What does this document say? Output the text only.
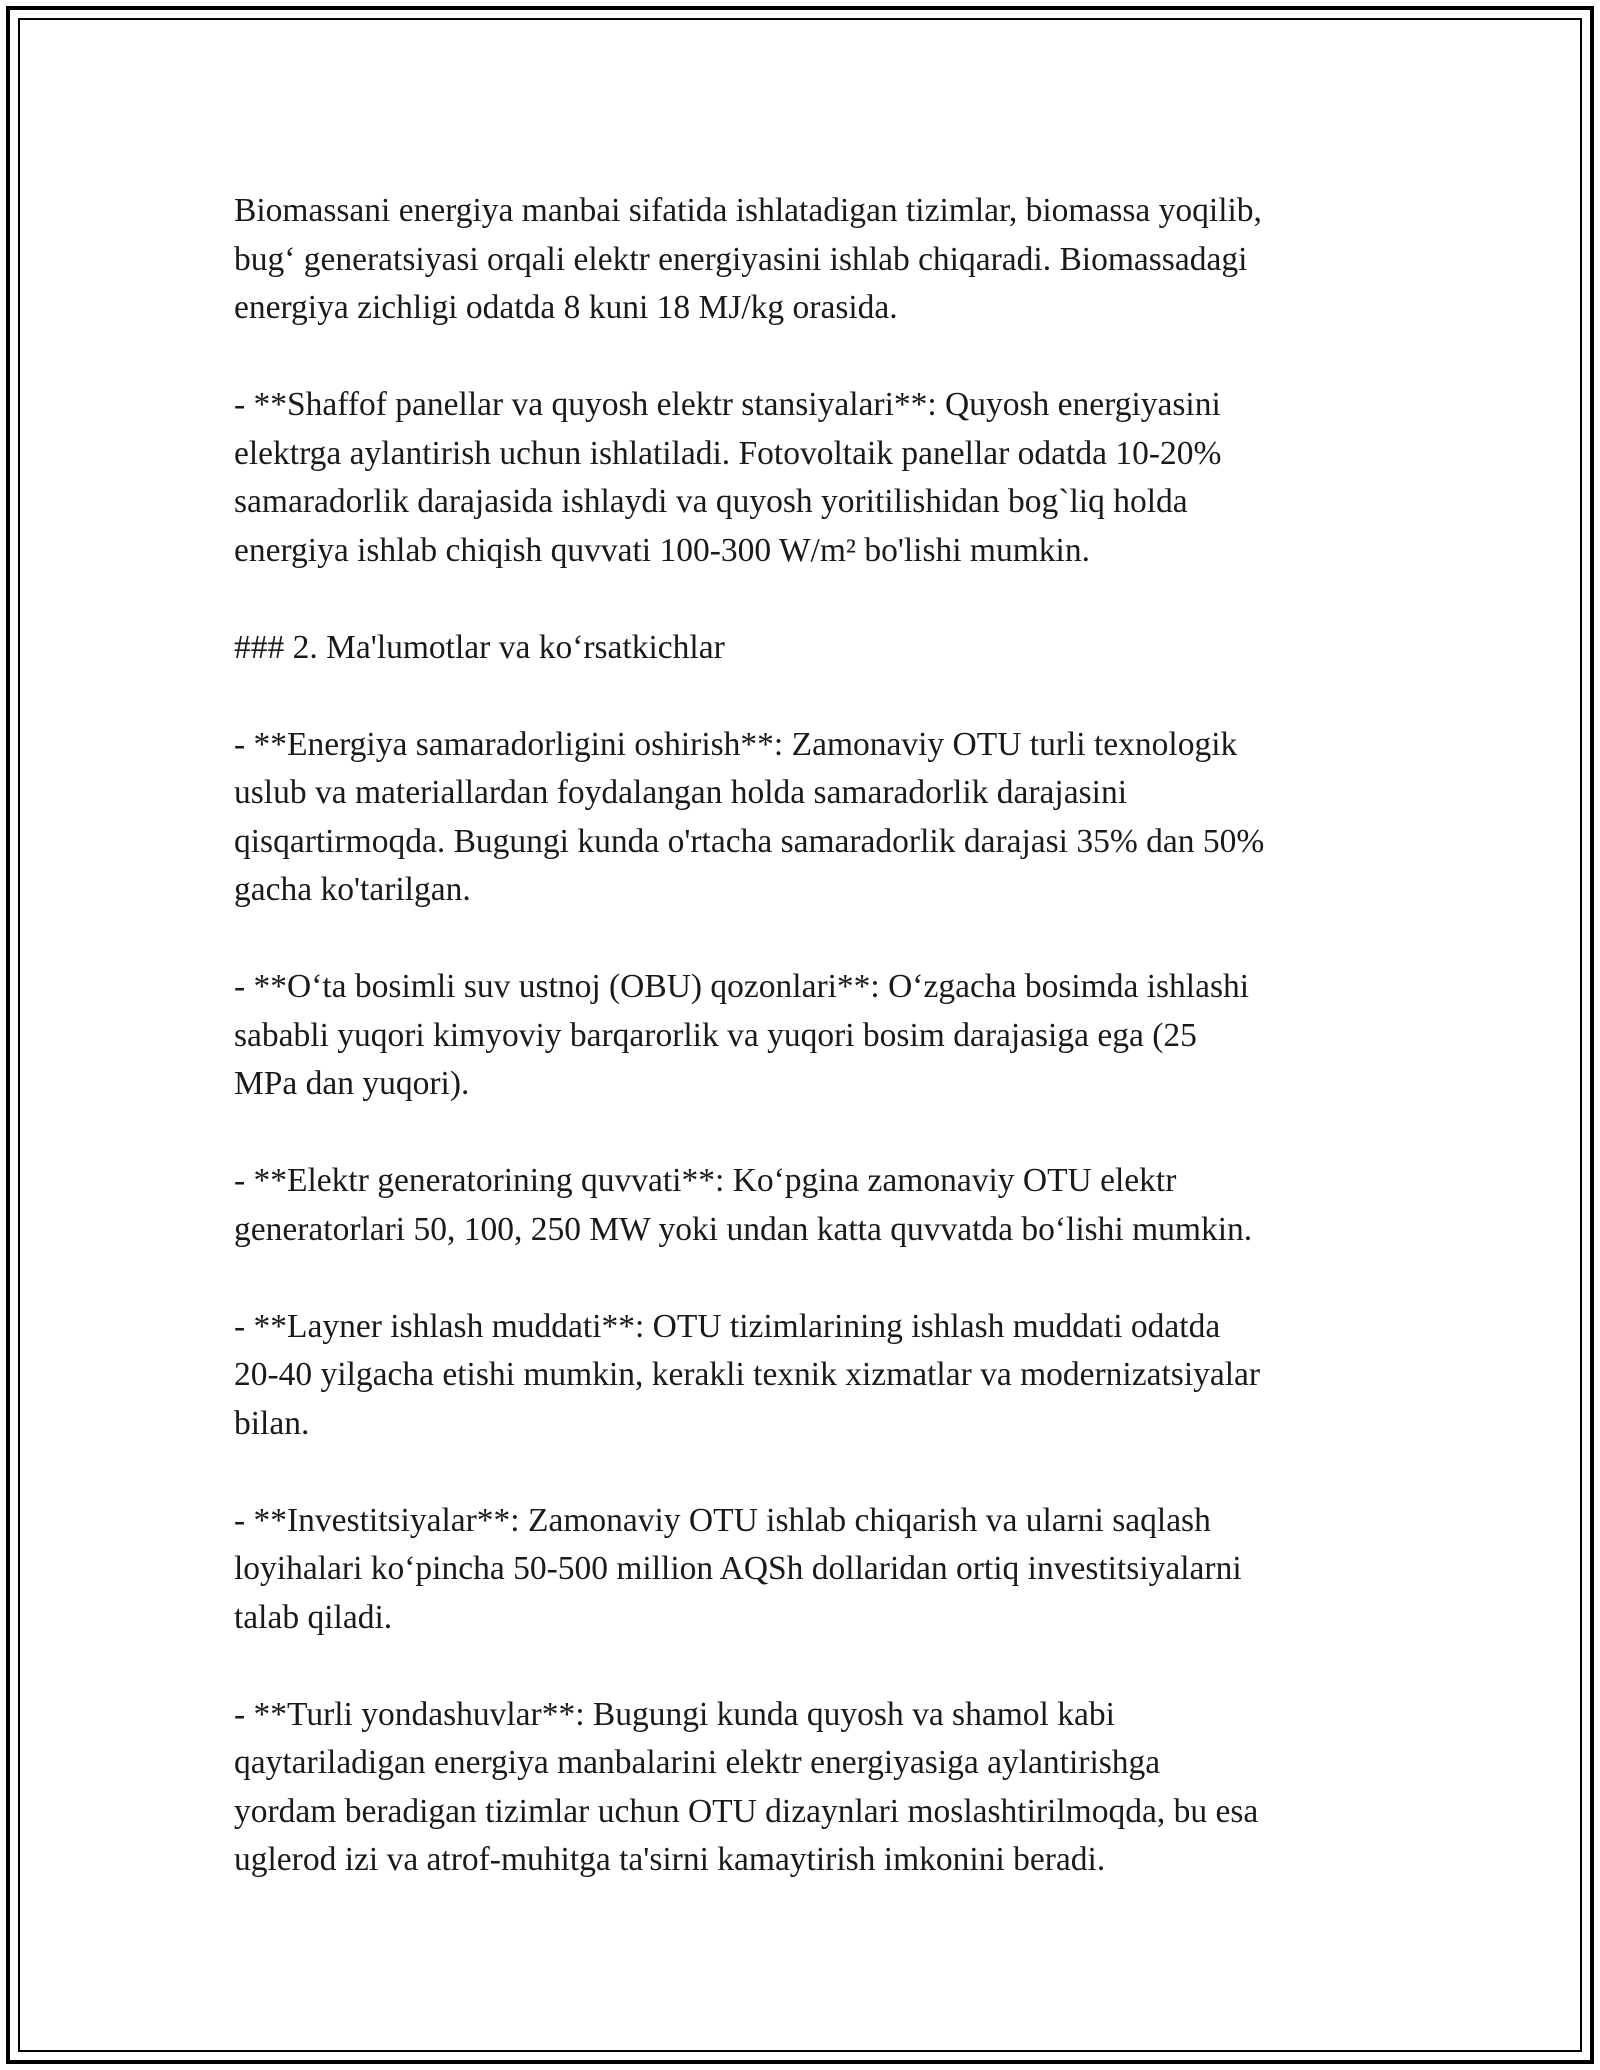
Biomassani energiya manbai sifatida ishlatadigan tizimlar, biomassa yoqilib,
bug‘ generatsiyasi orqali elektr energiyasini ishlab chiqaradi. Biomassadagi
energiya zichligi odatda 8 kuni 18 MJ/kg orasida.

- **Shaffof panellar va quyosh elektr stansiyalari**: Quyosh energiyasini
elektrga aylantirish uchun ishlatiladi. Fotovoltaik panellar odatda 10-20%
samaradorlik darajasida ishlaydi va quyosh yoritilishidan bog`liq holda
energiya ishlab chiqish quvvati 100-300 W/m² bo'lishi mumkin.

### 2. Ma'lumotlar va ko‘rsatkichlar

- **Energiya samaradorligini oshirish**: Zamonaviy OTU turli texnologik
uslub va materiallardan foydalangan holda samaradorlik darajasini
qisqartirmoqda. Bugungi kunda o'rtacha samaradorlik darajasi 35% dan 50%
gacha ko'tarilgan.

- **O‘ta bosimli suv ustnoj (OBU) qozonlari**: O‘zgacha bosimda ishlashi
sababli yuqori kimyoviy barqarorlik va yuqori bosim darajasiga ega (25
MPa dan yuqori).

- **Elektr generatorining quvvati**: Ko‘pgina zamonaviy OTU elektr
generatorlari 50, 100, 250 MW yoki undan katta quvvatda bo‘lishi mumkin.

- **Layner ishlash muddati**: OTU tizimlarining ishlash muddati odatda
20-40 yilgacha etishi mumkin, kerakli texnik xizmatlar va modernizatsiyalar
bilan.

- **Investitsiyalar**: Zamonaviy OTU ishlab chiqarish va ularni saqlash
loyihalari ko‘pincha 50-500 million AQSh dollaridan ortiq investitsiyalarni
talab qiladi.

- **Turli yondashuvlar**: Bugungi kunda quyosh va shamol kabi
qaytariladigan energiya manbalarini elektr energiyasiga aylantirishga
yordam beradigan tizimlar uchun OTU dizaynlari moslashtirilmoqda, bu esa
uglerod izi va atrof-muhitga ta'sirni kamaytirish imkonini beradi.
